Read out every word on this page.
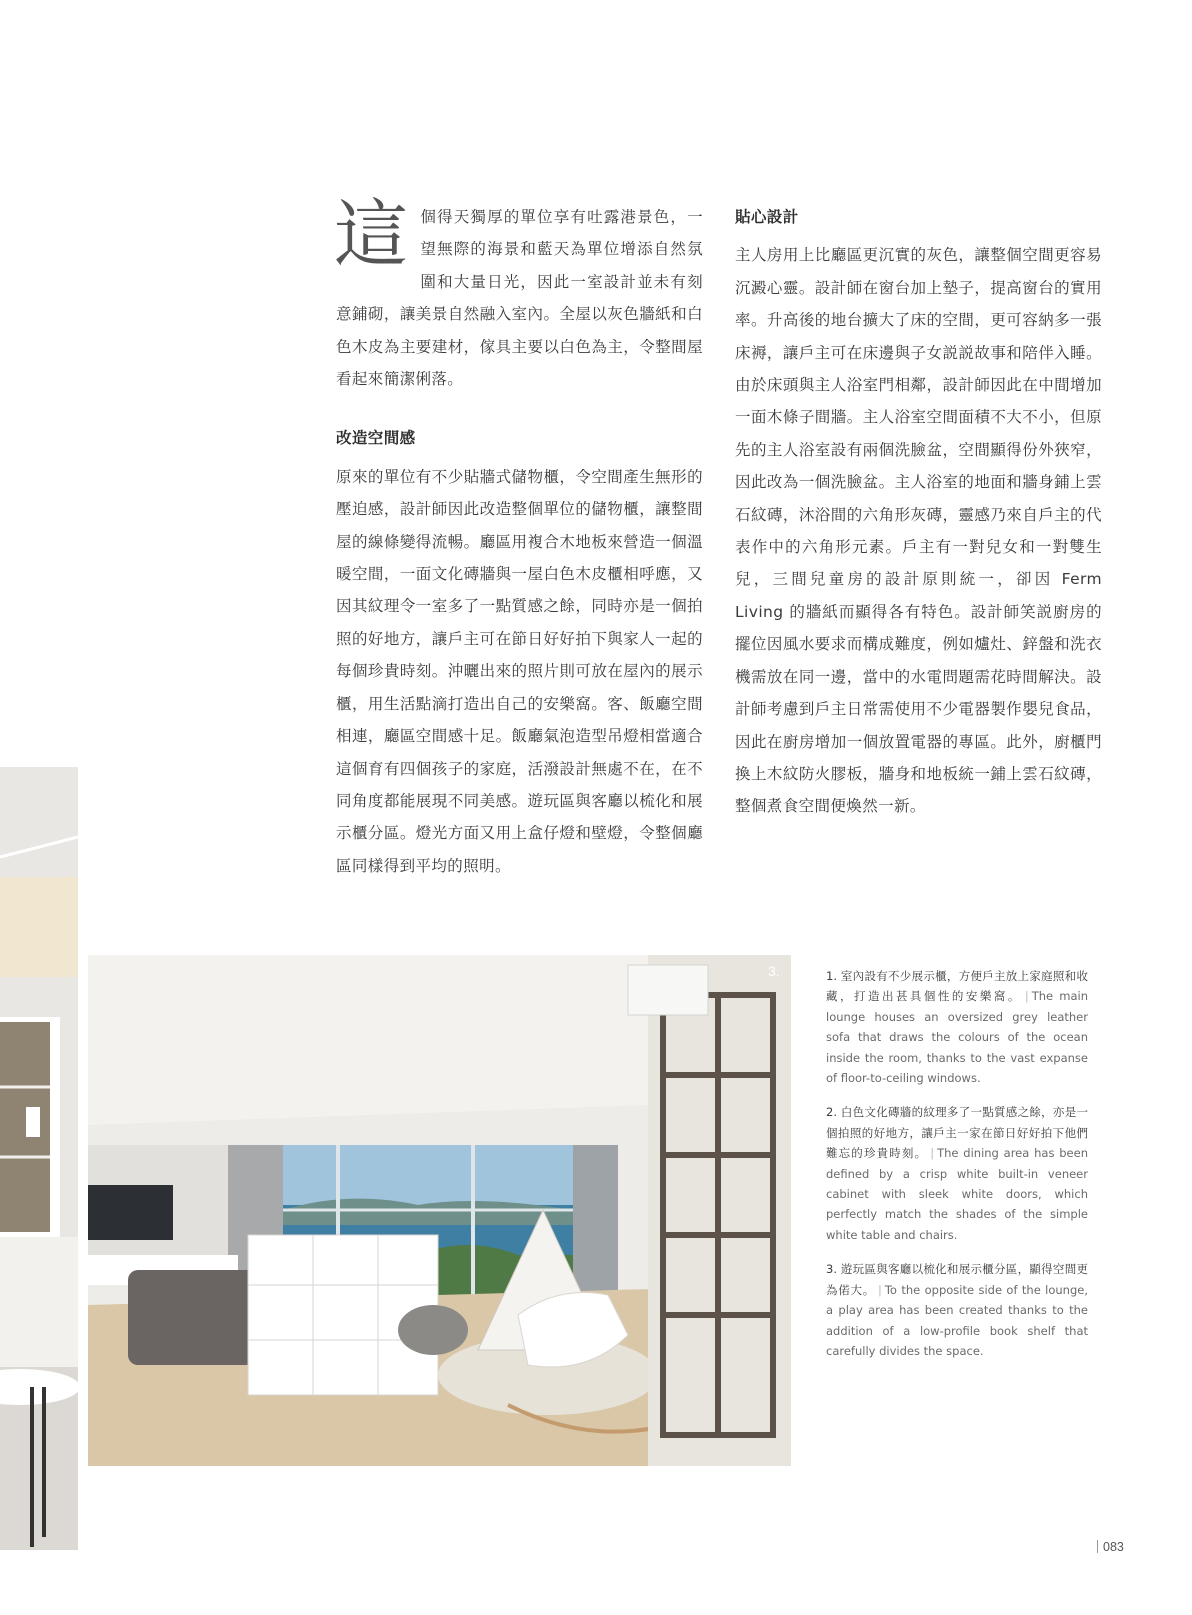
這個得天獨厚的單位享有吐露港景色，一望無際的海景和藍天為單位增添自然氛圍和大量日光，因此一室設計並未有刻意鋪砌，讓美景自然融入室內。全屋以灰色牆紙和白色木皮為主要建材，傢具主要以白色為主，令整間屋看起來簡潔俐落。

改造空間感

原來的單位有不少貼牆式儲物櫃，令空間產生無形的壓迫感，設計師因此改造整個單位的儲物櫃，讓整間屋的線條變得流暢。廳區用複合木地板來營造一個溫暖空間，一面文化磚牆與一屋白色木皮櫃相呼應，又因其紋理令一室多了一點質感之餘，同時亦是一個拍照的好地方，讓戶主可在節日好好拍下與家人一起的每個珍貴時刻。沖曬出來的照片則可放在屋內的展示櫃，用生活點滴打造出自己的安樂窩。客、飯廳空間相連，廳區空間感十足。飯廳氣泡造型吊燈相當適合這個育有四個孩子的家庭，活潑設計無處不在，在不同角度都能展現不同美感。遊玩區與客廳以梳化和展示櫃分區。燈光方面又用上盒仔燈和壁燈，令整個廳區同樣得到平均的照明。

貼心設計

主人房用上比廳區更沉實的灰色，讓整個空間更容易沉澱心靈。設計師在窗台加上墊子，提高窗台的實用率。升高後的地台擴大了床的空間，更可容納多一張床褥，讓戶主可在床邊與子女説説故事和陪伴入睡。由於床頭與主人浴室門相鄰，設計師因此在中間增加一面木條子間牆。主人浴室空間面積不大不小，但原先的主人浴室設有兩個洗臉盆，空間顯得份外狹窄，因此改為一個洗臉盆。主人浴室的地面和牆身鋪上雲石紋磚，沐浴間的六角形灰磚，靈感乃來自戶主的代表作中的六角形元素。戶主有一對兒女和一對雙生兒，三間兒童房的設計原則統一，卻因 Ferm Living 的牆紙而顯得各有特色。設計師笑説廚房的擺位因風水要求而構成難度，例如爐灶、鋅盤和洗衣機需放在同一邊，當中的水電問題需花時間解決。設計師考慮到戶主日常需使用不少電器製作嬰兒食品，因此在廚房增加一個放置電器的專區。此外，廚櫃門換上木紋防火膠板，牆身和地板統一鋪上雲石紋磚，整個煮食空間便煥然一新。

3.	1. 室內設有不少展示櫃，方便戶主放上家庭照和收藏，打造出甚具個性的安樂窩。 | The main lounge houses an oversized grey leather sofa that draws the colours of the ocean inside the room, thanks to the vast expanse of floor-to-ceiling windows.

2. 白色文化磚牆的紋理多了一點質感之餘，亦是一個拍照的好地方，讓戶主一家在節日好好拍下他們難忘的珍貴時刻。 | The dining area has been defined by a crisp white built-in veneer cabinet with sleek white doors, which perfectly match the shades of the simple white table and chairs.

3. 遊玩區與客廳以梳化和展示櫃分區，顯得空間更為偌大。 | To the opposite side of the lounge, a play area has been created thanks to the addition of a low-profile book shelf that carefully divides the space.

083
